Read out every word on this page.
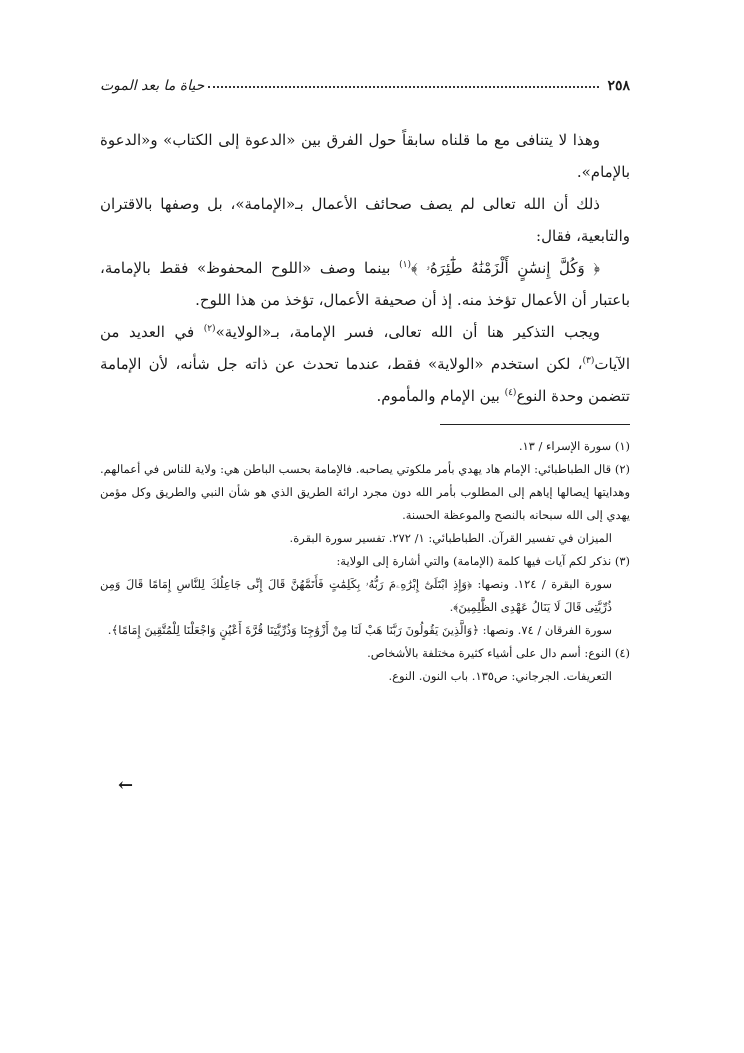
٢٥٨
حياة ما بعد الموت

وهذا لا يتنافى مع ما قلناه سابقاً حول الفرق بين «الدعوة إلى الكتاب» و«الدعوة بالإمام».

ذلك أن الله تعالى لم يصف صحائف الأعمال بـ«الإمامة»، بل وصفها بالاقتران والتابعية، فقال:

﴿ وَكُلَّ إِنسَٰنٍ أَلْزَمْنَٰهُ طَٰٓئِرَهُۥ ﴾$^{(١)}$ بينما وصف «اللوح المحفوظ» فقط بالإمامة، باعتبار أن الأعمال تؤخذ منه. إذ أن صحيفة الأعمال، تؤخذ من هذا اللوح.

ويجب التذكير هنا أن الله تعالى، فسر الإمامة، بـ«الولاية»$^{(٢)}$ في العديد من الآيات$^{(٣)}$، لكن استخدم «الولاية» فقط، عندما تحدث عن ذاته جل شأنه، لأن الإمامة تتضمن وحدة النوع$^{(٤)}$ بين الإمام والمأموم.

(١) سورة الإسراء / ١٣.

(٢) قال الطباطبائي: الإمام هاد يهدي بأمر ملكوتي يصاحبه. فالإمامة بحسب الباطن هي: ولاية للناس في أعمالهم. وهدايتها إيصالها إياهم إلى المطلوب بأمر الله دون مجرد ارائة الطريق الذي هو شأن النبي والطريق وكل مؤمن يهدي إلى الله سبحانه بالنصح والموعظة الحسنة.

الميزان في تفسير القرآن. الطباطبائي: ١/ ٢٧٢. تفسير سورة البقرة.

(٣) نذكر لكم آيات فيها كلمة (الإمامة) والتي أشارة إلى الولاية:

سورة البقرة / ١٢٤. ونصها: ﴿وَإِذِ ابْتَلَىٰٓ إِبْرَٰهِۦمَ رَبُّهُۥ بِكَلِمَٰتٍ فَأَتَمَّهُنَّ قَالَ إِنِّى جَاعِلُكَ لِلنَّاسِ إِمَامًا قَالَ وَمِن ذُرِّيَّتِى قَالَ لَا يَنَالُ عَهْدِى الظَّٰلِمِينَ﴾.

سورة الفرقان / ٧٤. ونصها: ﴿وَالَّذِينَ يَقُولُونَ رَبَّنَا هَبْ لَنَا مِنْ أَزْوَٰجِنَا وَذُرِّيَّٰتِنَا قُرَّةَ أَعْيُنٍ وَاجْعَلْنَا لِلْمُتَّقِينَ إِمَامًا﴾.

(٤) النوع: أسم دال على أشياء كثيرة مختلفة بالأشخاص.

التعريفات. الجرجاني: ص١٣٥. باب النون. النوع.

←
